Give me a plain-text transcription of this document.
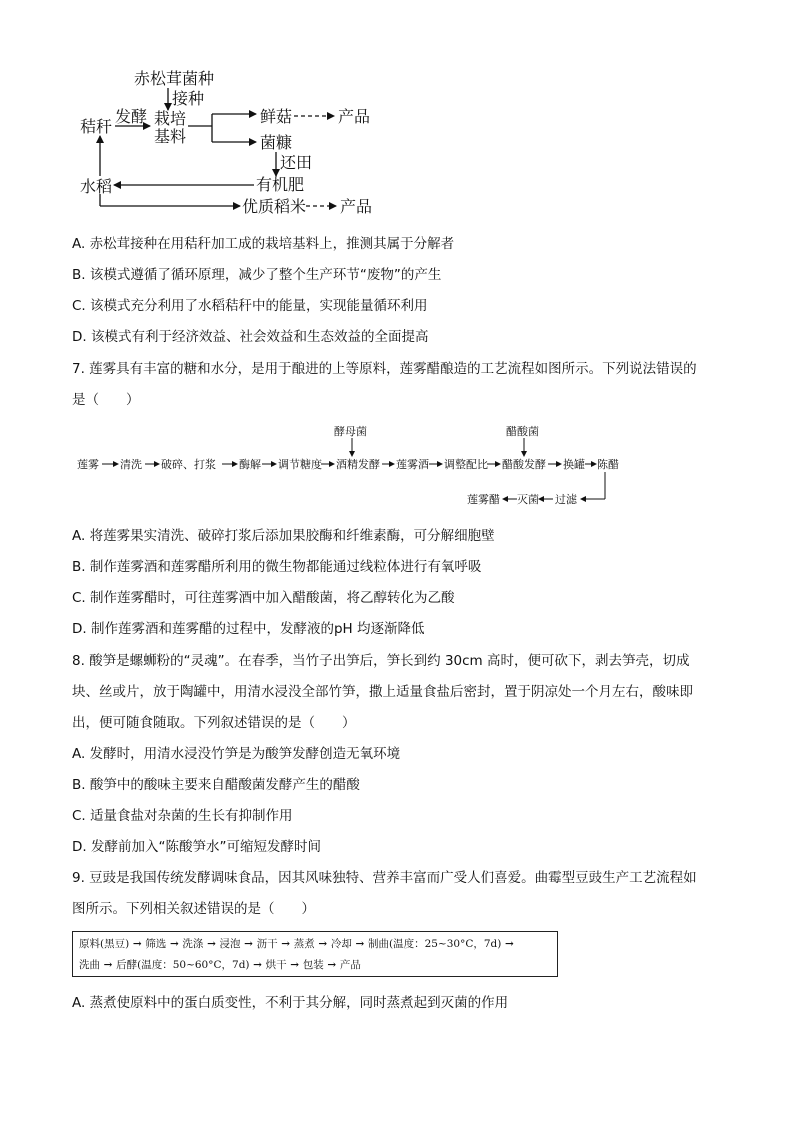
赤松茸菌种
接种
发酵
秸秆	栽培
基料
鲜菇	产品
菌糠
还田
水稻	有机肥
优质稻米 产品
A. 赤松茸接种在用秸秆加工成的栽培基料上，推测其属于分解者
B. 该模式遵循了循环原理，减少了整个生产环节“废物”的产生
C. 该模式充分利用了水稻秸秆中的能量，实现能量循环利用
D. 该模式有利于经济效益、社会效益和生态效益的全面提高
7. 莲雾具有丰富的糖和水分，是用于酿进的上等原料，莲雾醋酿造的工艺流程如图所示。下列说法错误的
是（　　）
酵母菌	醋酸菌
莲雾 清洗 破碎、打浆 酶解 调节糖度 酒精发酵 莲雾酒 调整配比 醋酸发酵 换罐 陈醋
莲雾醋 灭菌 过滤
A. 将莲雾果实清洗、破碎打浆后添加果胶酶和纤维素酶，可分解细胞壁
B. 制作莲雾酒和莲雾醋所利用的微生物都能通过线粒体进行有氧呼吸
C. 制作莲雾醋时，可往莲雾酒中加入醋酸菌，将乙醇转化为乙酸
D. 制作莲雾酒和莲雾醋的过程中，发酵液的pH 均逐渐降低
8. 酸笋是螺蛳粉的“灵魂”。在春季，当竹子出笋后，笋长到约 30cm 高时，便可砍下，剥去笋壳，切成
块、丝或片，放于陶罐中，用清水浸没全部竹笋，撒上适量食盐后密封，置于阴凉处一个月左右，酸味即
出，便可随食随取。下列叙述错误的是（　　）
A. 发酵时，用清水浸没竹笋是为酸笋发酵创造无氧环境
B. 酸笋中的酸味主要来自醋酸菌发酵产生的醋酸
C. 适量食盐对杂菌的生长有抑制作用
D. 发酵前加入“陈酸笋水”可缩短发酵时间
9. 豆豉是我国传统发酵调味食品，因其风味独特、营养丰富而广受人们喜爱。曲霉型豆豉生产工艺流程如
图所示。下列相关叙述错误的是（　　）
原料(黑豆) → 筛选 → 洗涤 → 浸泡 → 沥干 → 蒸煮 → 冷却 → 制曲(温度：25~30°C，7d) →
洗曲 → 后酵(温度：50~60°C，7d) → 烘干 → 包装 → 产品
A. 蒸煮使原料中的蛋白质变性，不利于其分解，同时蒸煮起到灭菌的作用
